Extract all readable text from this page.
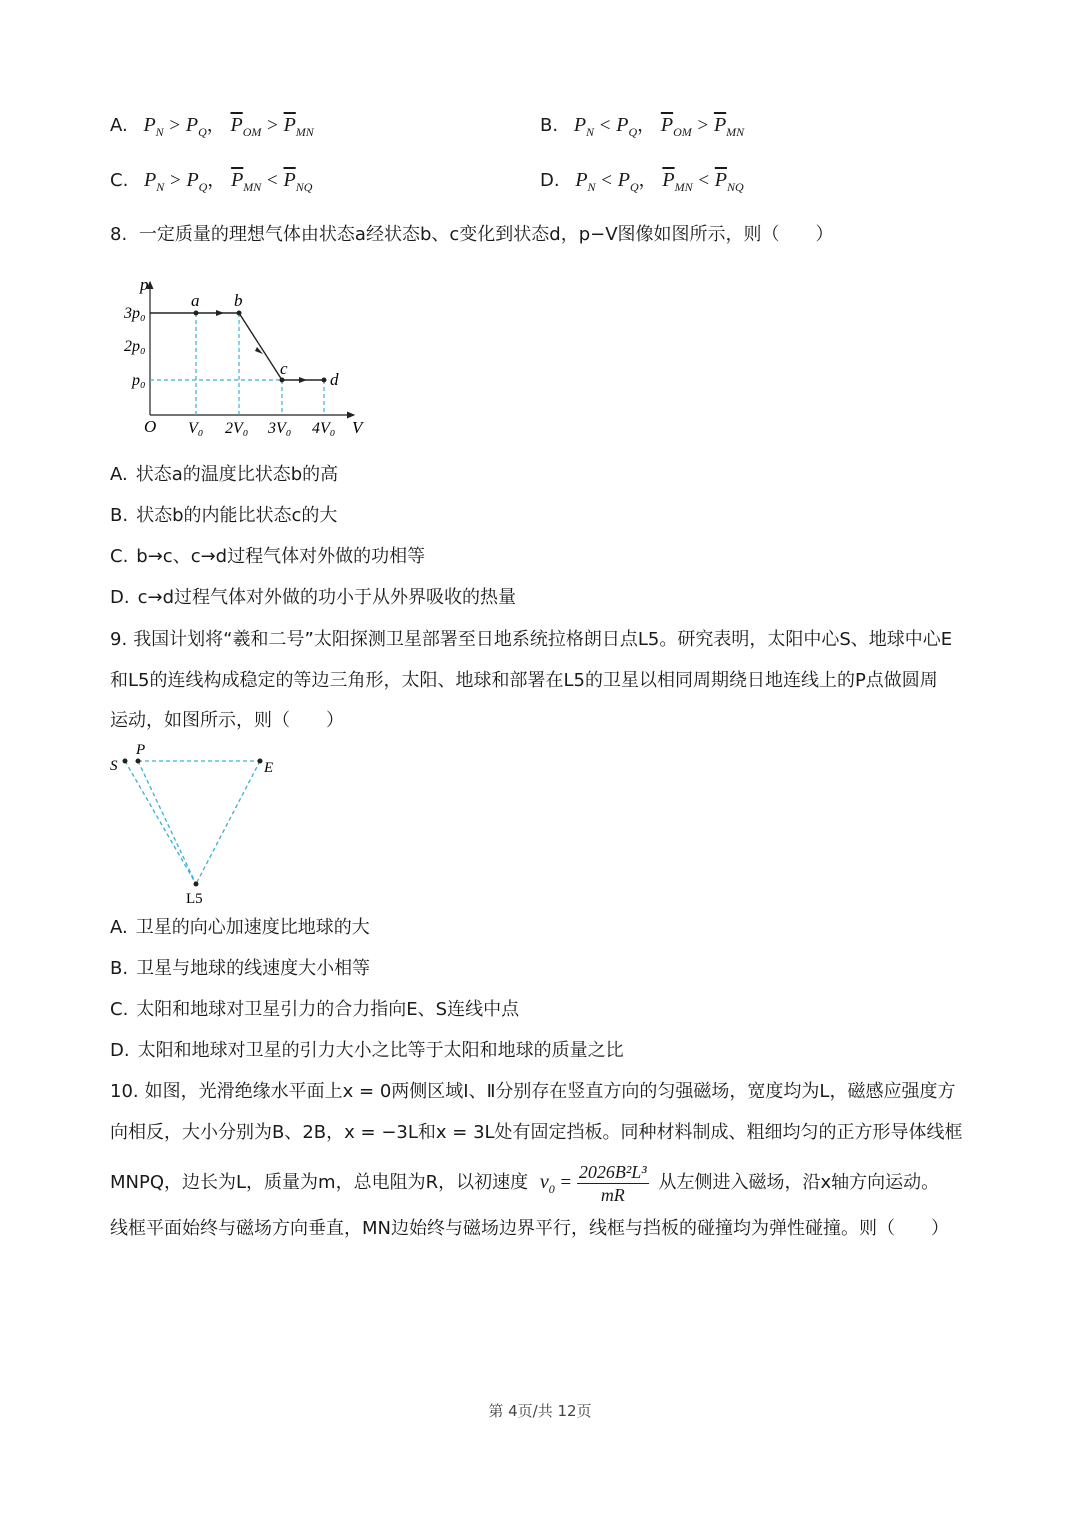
A. $P_N > P_Q$， $\overline{P}_{OM} > \overline{P}_{MN}$	B. $P_N < P_Q$， $\overline{P}_{OM} > \overline{P}_{MN}$
C. $P_N > P_Q$， $\overline{P}_{MN} < \overline{P}_{NQ}$	D. $P_N < P_Q$， $\overline{P}_{MN} < \overline{P}_{NQ}$
8. 一定质量的理想气体由状态a经状态b、c变化到状态d，p−V图像如图所示，则（　　）
p
V
O
3p₀
2p₀
p₀
V₀ 2V₀ 3V₀ 4V₀
a b
c
d
A. 状态a的温度比状态b的高
B. 状态b的内能比状态c的大
C. b→c、c→d过程气体对外做的功相等
D. c→d过程气体对外做的功小于从外界吸收的热量
9. 我国计划将“羲和二号”太阳探测卫星部署至日地系统拉格朗日点L5。研究表明，太阳中心S、地球中心E
和L5的连线构成稳定的等边三角形，太阳、地球和部署在L5的卫星以相同周期绕日地连线上的P点做圆周
运动，如图所示，则（　　）
P
S	E
L5
A. 卫星的向心加速度比地球的大
B. 卫星与地球的线速度大小相等
C. 太阳和地球对卫星引力的合力指向E、S连线中点
D. 太阳和地球对卫星的引力大小之比等于太阳和地球的质量之比
10. 如图，光滑绝缘水平面上x = 0两侧区域Ⅰ、Ⅱ分别存在竖直方向的匀强磁场，宽度均为L，磁感应强度方
向相反，大小分别为B、2B，x = −3L和x = 3L处有固定挡板。同种材料制成、粗细均匀的正方形导体线框
MNPQ，边长为L，质量为m，总电阻为R，以初速度 $v_0 = \frac{\text{2026B²L³}}{mR}$ 从左侧进入磁场，沿x轴方向运动。
线框平面始终与磁场方向垂直，MN边始终与磁场边界平行，线框与挡板的碰撞均为弹性碰撞。则（　　）
第 4页/共 12页
